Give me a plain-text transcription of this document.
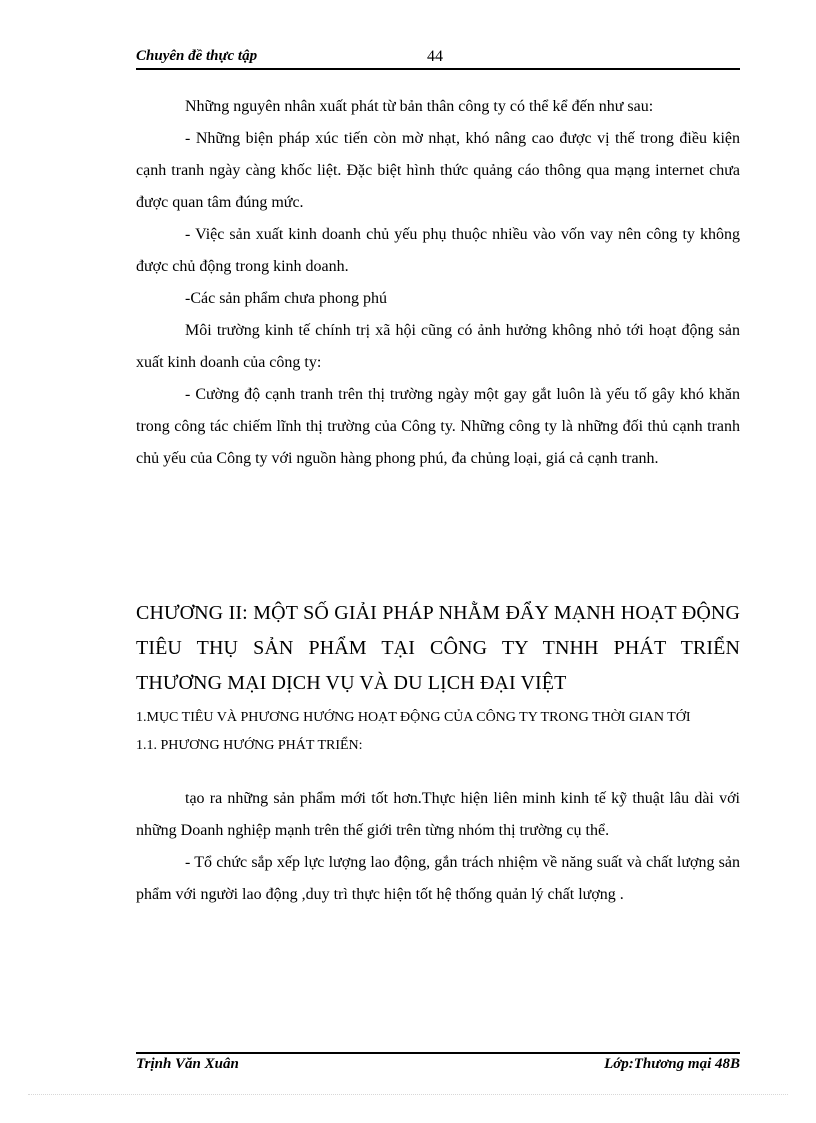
Chuyên đề thực tập	44

Những nguyên nhân xuất phát từ bản thân công ty có thể kể đến như sau:

- Những biện pháp xúc tiến còn mờ nhạt, khó nâng cao được vị thế trong điều kiện cạnh tranh ngày càng khốc liệt. Đặc biệt hình thức quảng cáo thông qua mạng internet chưa được quan tâm đúng mức.

- Việc sản xuất kinh doanh chủ yếu phụ thuộc nhiều vào vốn vay nên công ty không được chủ động trong kinh doanh.

-Các sản phẩm chưa phong phú

Môi trường kinh tế chính trị xã hội cũng có ảnh hưởng không nhỏ tới hoạt động sản xuất kinh doanh của công ty:

- Cường độ cạnh tranh trên thị trường ngày một gay gắt luôn là yếu tố gây khó khăn trong công tác chiếm lĩnh thị trường của Công ty. Những công ty là những đối thủ cạnh tranh chủ yếu của Công ty với nguồn hàng phong phú, đa chủng loại, giá cả cạnh tranh.

CHƯƠNG II: MỘT SỐ GIẢI PHÁP NHẰM ĐẨY MẠNH HOẠT ĐỘNG TIÊU THỤ SẢN PHẨM TẠI CÔNG TY TNHH PHÁT TRIỂN THƯƠNG MẠI DỊCH VỤ VÀ DU LỊCH ĐẠI VIỆT

1.MỤC TIÊU VÀ PHƯƠNG HƯỚNG HOẠT ĐỘNG CỦA CÔNG TY TRONG THỜI GIAN TỚI

1.1. PHƯƠNG HƯỚNG PHÁT TRIỂN:

tạo ra những sản phẩm mới tốt hơn.Thực hiện liên minh kinh tế kỹ thuật lâu dài với những Doanh nghiệp mạnh trên thế giới trên từng nhóm thị trường cụ thể.

- Tổ chức sắp xếp lực lượng lao động, gắn trách nhiệm về năng suất và chất lượng sản phẩm với người lao động ,duy trì thực hiện tốt hệ thống quản lý chất lượng .

Trịnh Văn Xuân	Lớp:Thương mại 48B
